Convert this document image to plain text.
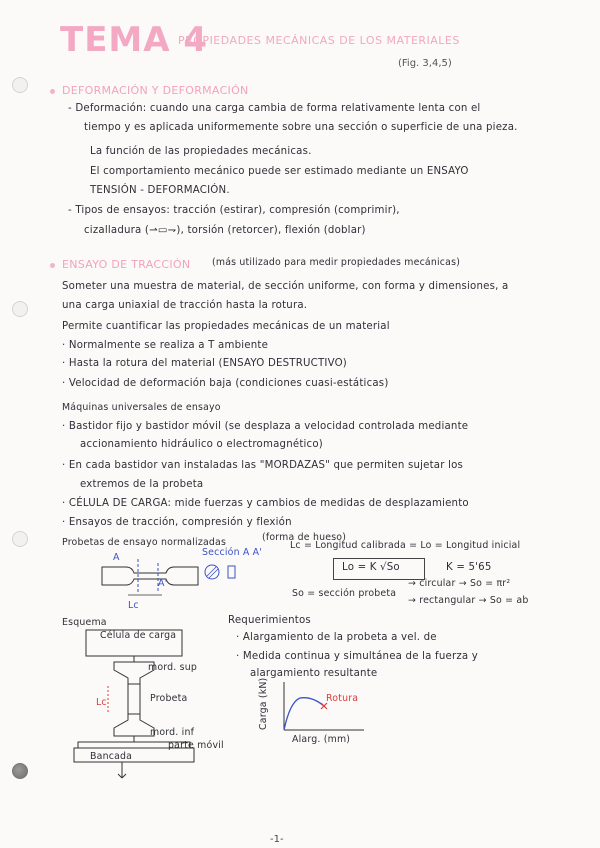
TEMA 4
PROPIEDADES MECÁNICAS DE LOS MATERIALES
(Fig. 3,4,5)
DEFORMACIÓN Y DEFORMACIÓN
- Deformación: cuando una carga cambia de forma relativamente lenta con el
tiempo y es aplicada uniformemente sobre una sección o superficie de una pieza.
La función de las propiedades mecánicas.
El comportamiento mecánico puede ser estimado mediante un ENSAYO
TENSIÓN - DEFORMACIÓN.
- Tipos de ensayos: tracción (estirar), compresión (comprimir),
cizalladura (⇀▭⇁), torsión (retorcer), flexión (doblar)
ENSAYO DE TRACCIÓN (más utilizado para medir propiedades mecánicas)
Someter una muestra de material, de sección uniforme, con forma y dimensiones, a
una carga uniaxial de tracción hasta la rotura.
Permite cuantificar las propiedades mecánicas de un material
· Normalmente se realiza a T ambiente
· Hasta la rotura del material (ENSAYO DESTRUCTIVO)
· Velocidad de deformación baja (condiciones cuasi-estáticas)
Máquinas universales de ensayo
· Bastidor fijo y bastidor móvil (se desplaza a velocidad controlada mediante
accionamiento hidráulico o electromagnético)
· En cada bastidor van instaladas las "MORDAZAS" que permiten sujetar los
extremos de la probeta
· CÉLULA DE CARGA: mide fuerzas y cambios de medidas de desplazamiento
· Ensayos de tracción, compresión y flexión
Probetas de ensayo normalizadas	(forma de hueso)
A
A'
Lc
Sección A A'
Lc = Longitud calibrada = Lo = Longitud inicial
Lo = K √So	K = 5'65
So = sección probeta
→ circular → So = πr²
→ rectangular → So = ab
Esquema
Célula de carga
mord. sup
Probeta
mord. inf
parte móvil
Bancada
Lc
Requerimientos
· Alargamiento de la probeta a vel. de
· Medida continua y simultánea de la fuerza y
alargamiento resultante
Carga (kN)
Alarg. (mm)
Rotura
-1-
